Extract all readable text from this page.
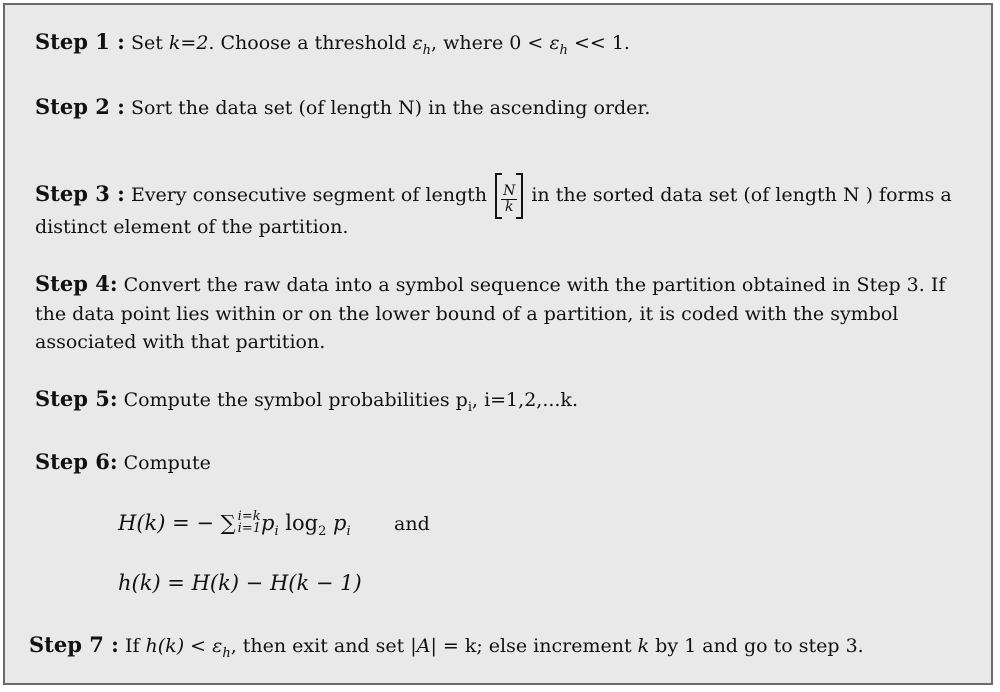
Step 1 : Set k=2. Choose a threshold $\varepsilon_h$, where $0 < \varepsilon_h << 1$.
Step 2 : Sort the data set (of length N) in the ascending order.
Step 3 : Every consecutive segment of length $\frac{N}{k}$ in the sorted data set (of length N ) forms a
distinct element of the partition.
Step 4: Convert the raw data into a symbol sequence with the partition obtained in Step 3. If
the data point lies within or on the lower bound of a partition, it is coded with the symbol
associated with that partition.
Step 5: Compute the symbol probabilities $p_i$, i=1,2,...k.
Step 6: Compute
H(k) = − ∑ i=k
i=1 $p_i$ $\log_2 p_i$ and
h(k) = H(k) − H(k − 1)
Step 7 : If $h(k) < \varepsilon_h$, then exit and set |A| = k; else increment k by 1 and go to step 3.
